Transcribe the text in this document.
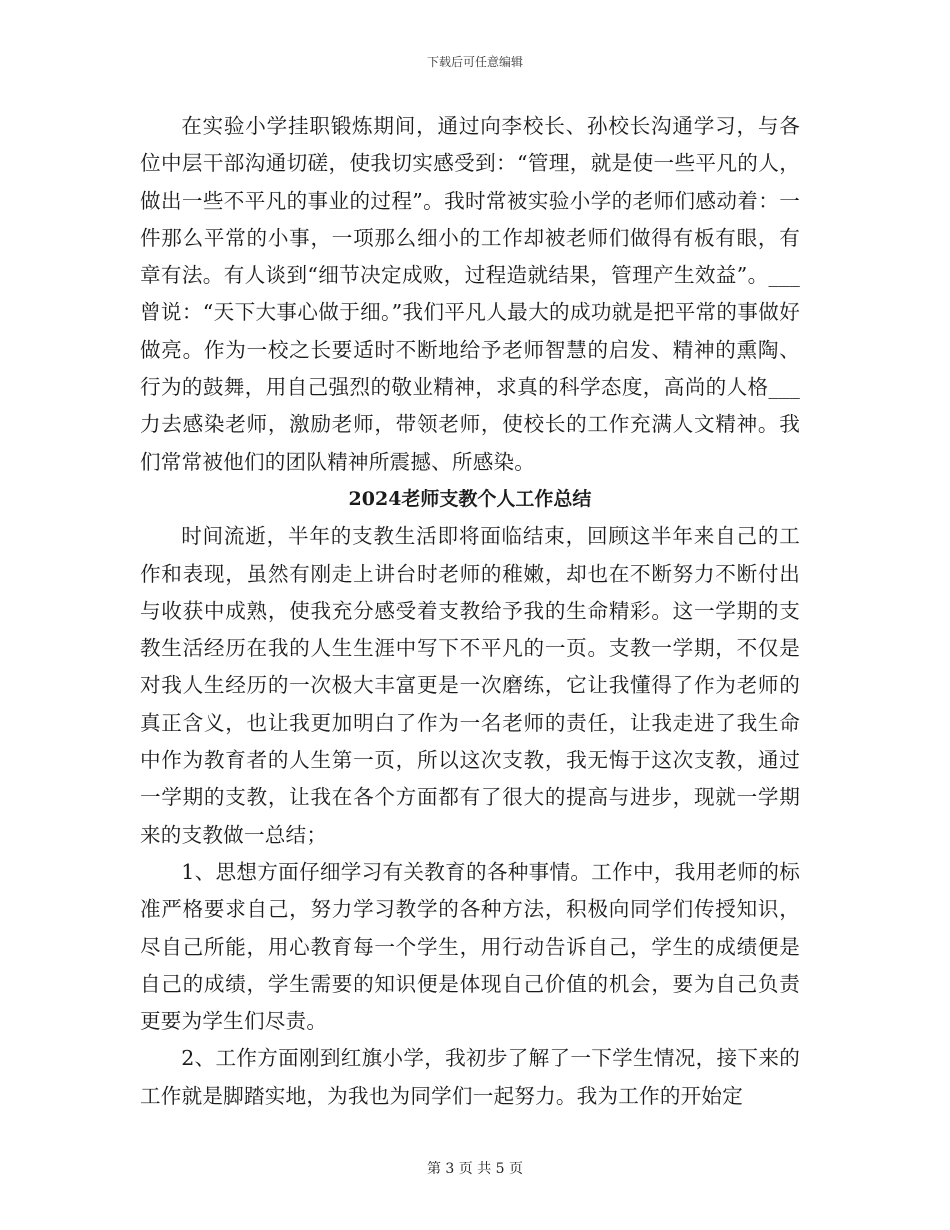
下载后可任意编辑

在实验小学挂职锻炼期间，通过向李校长、孙校长沟通学习，与各位中层干部沟通切磋，使我切实感受到：“管理，就是使一些平凡的人，做出一些不平凡的事业的过程”。我时常被实验小学的老师们感动着：一件那么平常的小事，一项那么细小的工作却被老师们做得有板有眼，有章有法。有人谈到“细节决定成败，过程造就结果，管理产生效益”。___曾说：“天下大事心做于细。”我们平凡人最大的成功就是把平常的事做好做亮。作为一校之长要适时不断地给予老师智慧的启发、精神的熏陶、行为的鼓舞，用自己强烈的敬业精神，求真的科学态度，高尚的人格___力去感染老师，激励老师，带领老师，使校长的工作充满人文精神。我们常常被他们的团队精神所震撼、所感染。

2024老师支教个人工作总结

时间流逝，半年的支教生活即将面临结束，回顾这半年来自己的工作和表现，虽然有刚走上讲台时老师的稚嫩，却也在不断努力不断付出与收获中成熟，使我充分感受着支教给予我的生命精彩。这一学期的支教生活经历在我的人生生涯中写下不平凡的一页。支教一学期，不仅是对我人生经历的一次极大丰富更是一次磨练，它让我懂得了作为老师的真正含义，也让我更加明白了作为一名老师的责任，让我走进了我生命中作为教育者的人生第一页，所以这次支教，我无悔于这次支教，通过一学期的支教，让我在各个方面都有了很大的提高与进步，现就一学期来的支教做一总结；

1、思想方面仔细学习有关教育的各种事情。工作中，我用老师的标准严格要求自己，努力学习教学的各种方法，积极向同学们传授知识，尽自己所能，用心教育每一个学生，用行动告诉自己，学生的成绩便是自己的成绩，学生需要的知识便是体现自己价值的机会，要为自己负责更要为学生们尽责。

2、工作方面刚到红旗小学，我初步了解了一下学生情况，接下来的工作就是脚踏实地，为我也为同学们一起努力。我为工作的开始定

第 3 页 共 5 页
